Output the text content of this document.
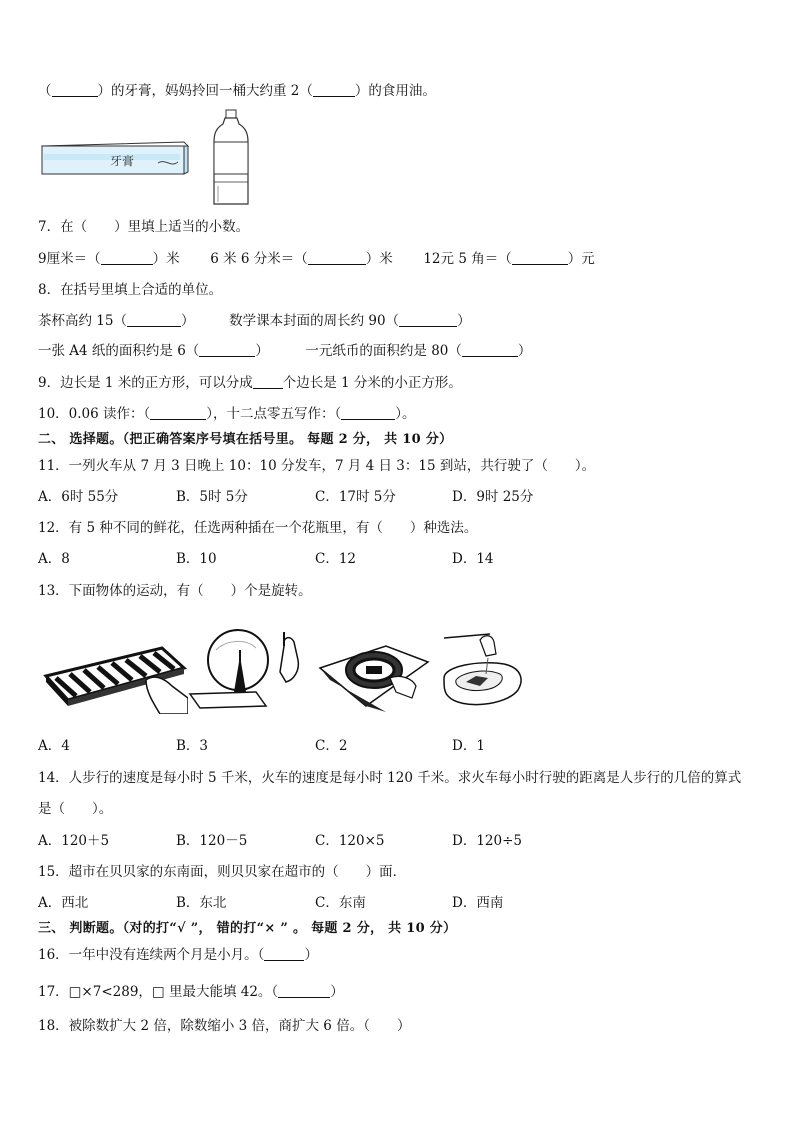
（	）的牙膏，妈妈拎回一桶大约重 2（	）的食用油。
牙膏
7．在（　　）里填上适当的小数。
9厘米＝（	）米 6 米 6 分米＝（	）米 12元 5 角＝（	）元
8．在括号里填上合适的单位。
茶杯高约 15（	）	数学课本封面的周长约 90（	）
一张 A4 纸的面积约是 6（	）	一元纸币的面积约是 80（	）
9．边长是 1 米的正方形，可以分成 个边长是 1 分米的小正方形。
10．0.06 读作：（	），十二点零五写作：（	）。
二、 选择题。（把正确答案序号填在括号里。 每题 2 分， 共 10 分）
11．一列火车从 7 月 3 日晚上 10：10 分发车，7 月 4 日 3：15 到站，共行驶了（　　）。
A．6时 55分	B．5时 5分	C．17时 5分	D．9时 25分
12．有 5 种不同的鲜花，任选两种插在一个花瓶里，有（　　）种选法。
A．8	B．10	C．12	D．14
13．下面物体的运动，有（　　）个是旋转。
A．4	B．3	C．2	D．1
14．人步行的速度是每小时 5 千米，火车的速度是每小时 120 千米。求火车每小时行驶的距离是人步行的几倍的算式
是（　　）。
A．120＋5	B．120－5	C．120×5	D．120÷5
15．超市在贝贝家的东南面，则贝贝家在超市的（　　）面．
A．西北	B．东北	C．东南	D．西南
三、 判断题。（对的打“√ ”， 错的打“× ” 。 每题 2 分， 共 10 分）
16．一年中没有连续两个月是小月。（	）
17．□×7<289，□ 里最大能填 42。（	）
18．被除数扩大 2 倍，除数缩小 3 倍，商扩大 6 倍。（　　）
